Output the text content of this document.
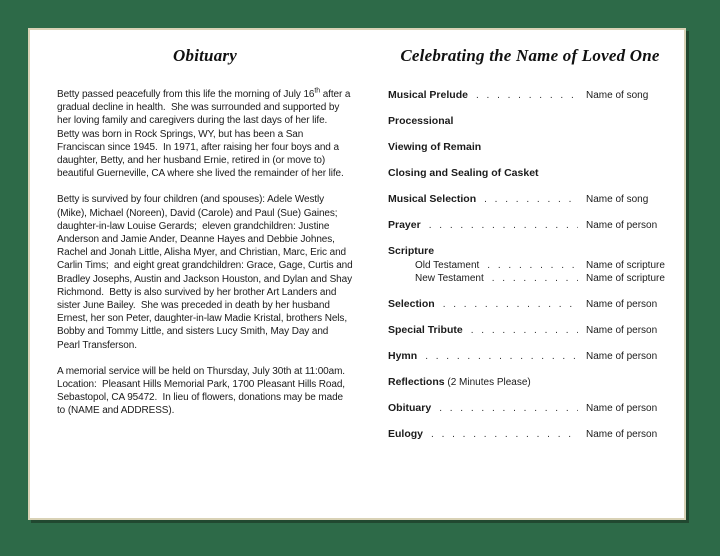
Obituary

Betty passed peacefully from this life the morning of July 16th after a gradual decline in health.  She was surrounded and supported by her loving family and caregivers during the last days of her life.  Betty was born in Rock Springs, WY, but has been a San Franciscan since 1945.  In 1971, after raising her four boys and a daughter, Betty, and her husband Ernie, retired in (or move to) beautiful Guerneville, CA where she lived the remainder of her life.

Betty is survived by four children (and spouses): Adele Westly (Mike), Michael (Noreen), David (Carole) and Paul (Sue) Gaines;  daughter-in-law Louise Gerards;  eleven grandchildren: Justine Anderson and Jamie Ander, Deanne Hayes and Debbie Johnes, Rachel and Jonah Little, Alisha Myer, and Christian, Marc, Eric and Carlin Tims;  and eight great grandchildren: Grace, Gage, Curtis and Bradley Josephs, Austin and Jackson Houston, and Dylan and Shay Richmond.  Betty is also survived by her brother Art Landers and sister June Bailey.  She was preceded in death by her husband Ernest, her son Peter, daughter-in-law Madie Kristal, brothers Nels, Bobby and Tommy Little, and sisters Lucy Smith, May Day and Pearl Transferson.

A memorial service will be held on Thursday, July 30th at 11:00am.  Location:  Pleasant Hills Memorial Park, 1700 Pleasant Hills Road, Sebastopol, CA 95472.  In lieu of flowers, donations may be made to (NAME and ADDRESS).

Celebrating the Name of Loved One
Musical Prelude . . .	Name of song
Processional
Viewing of Remain
Closing and Sealing of Casket
Musical Selection . . .	Name of song
Prayer . . .	Name of person
Scripture
Old Testament . . .	Name of scripture
New Testament . . .	Name of scripture
Selection . . .	Name of person
Special Tribute . . .	Name of person
Hymn . . .	Name of person
Reflections (2 Minutes Please)
Obituary . . .	Name of person
Eulogy . . .	Name of person
